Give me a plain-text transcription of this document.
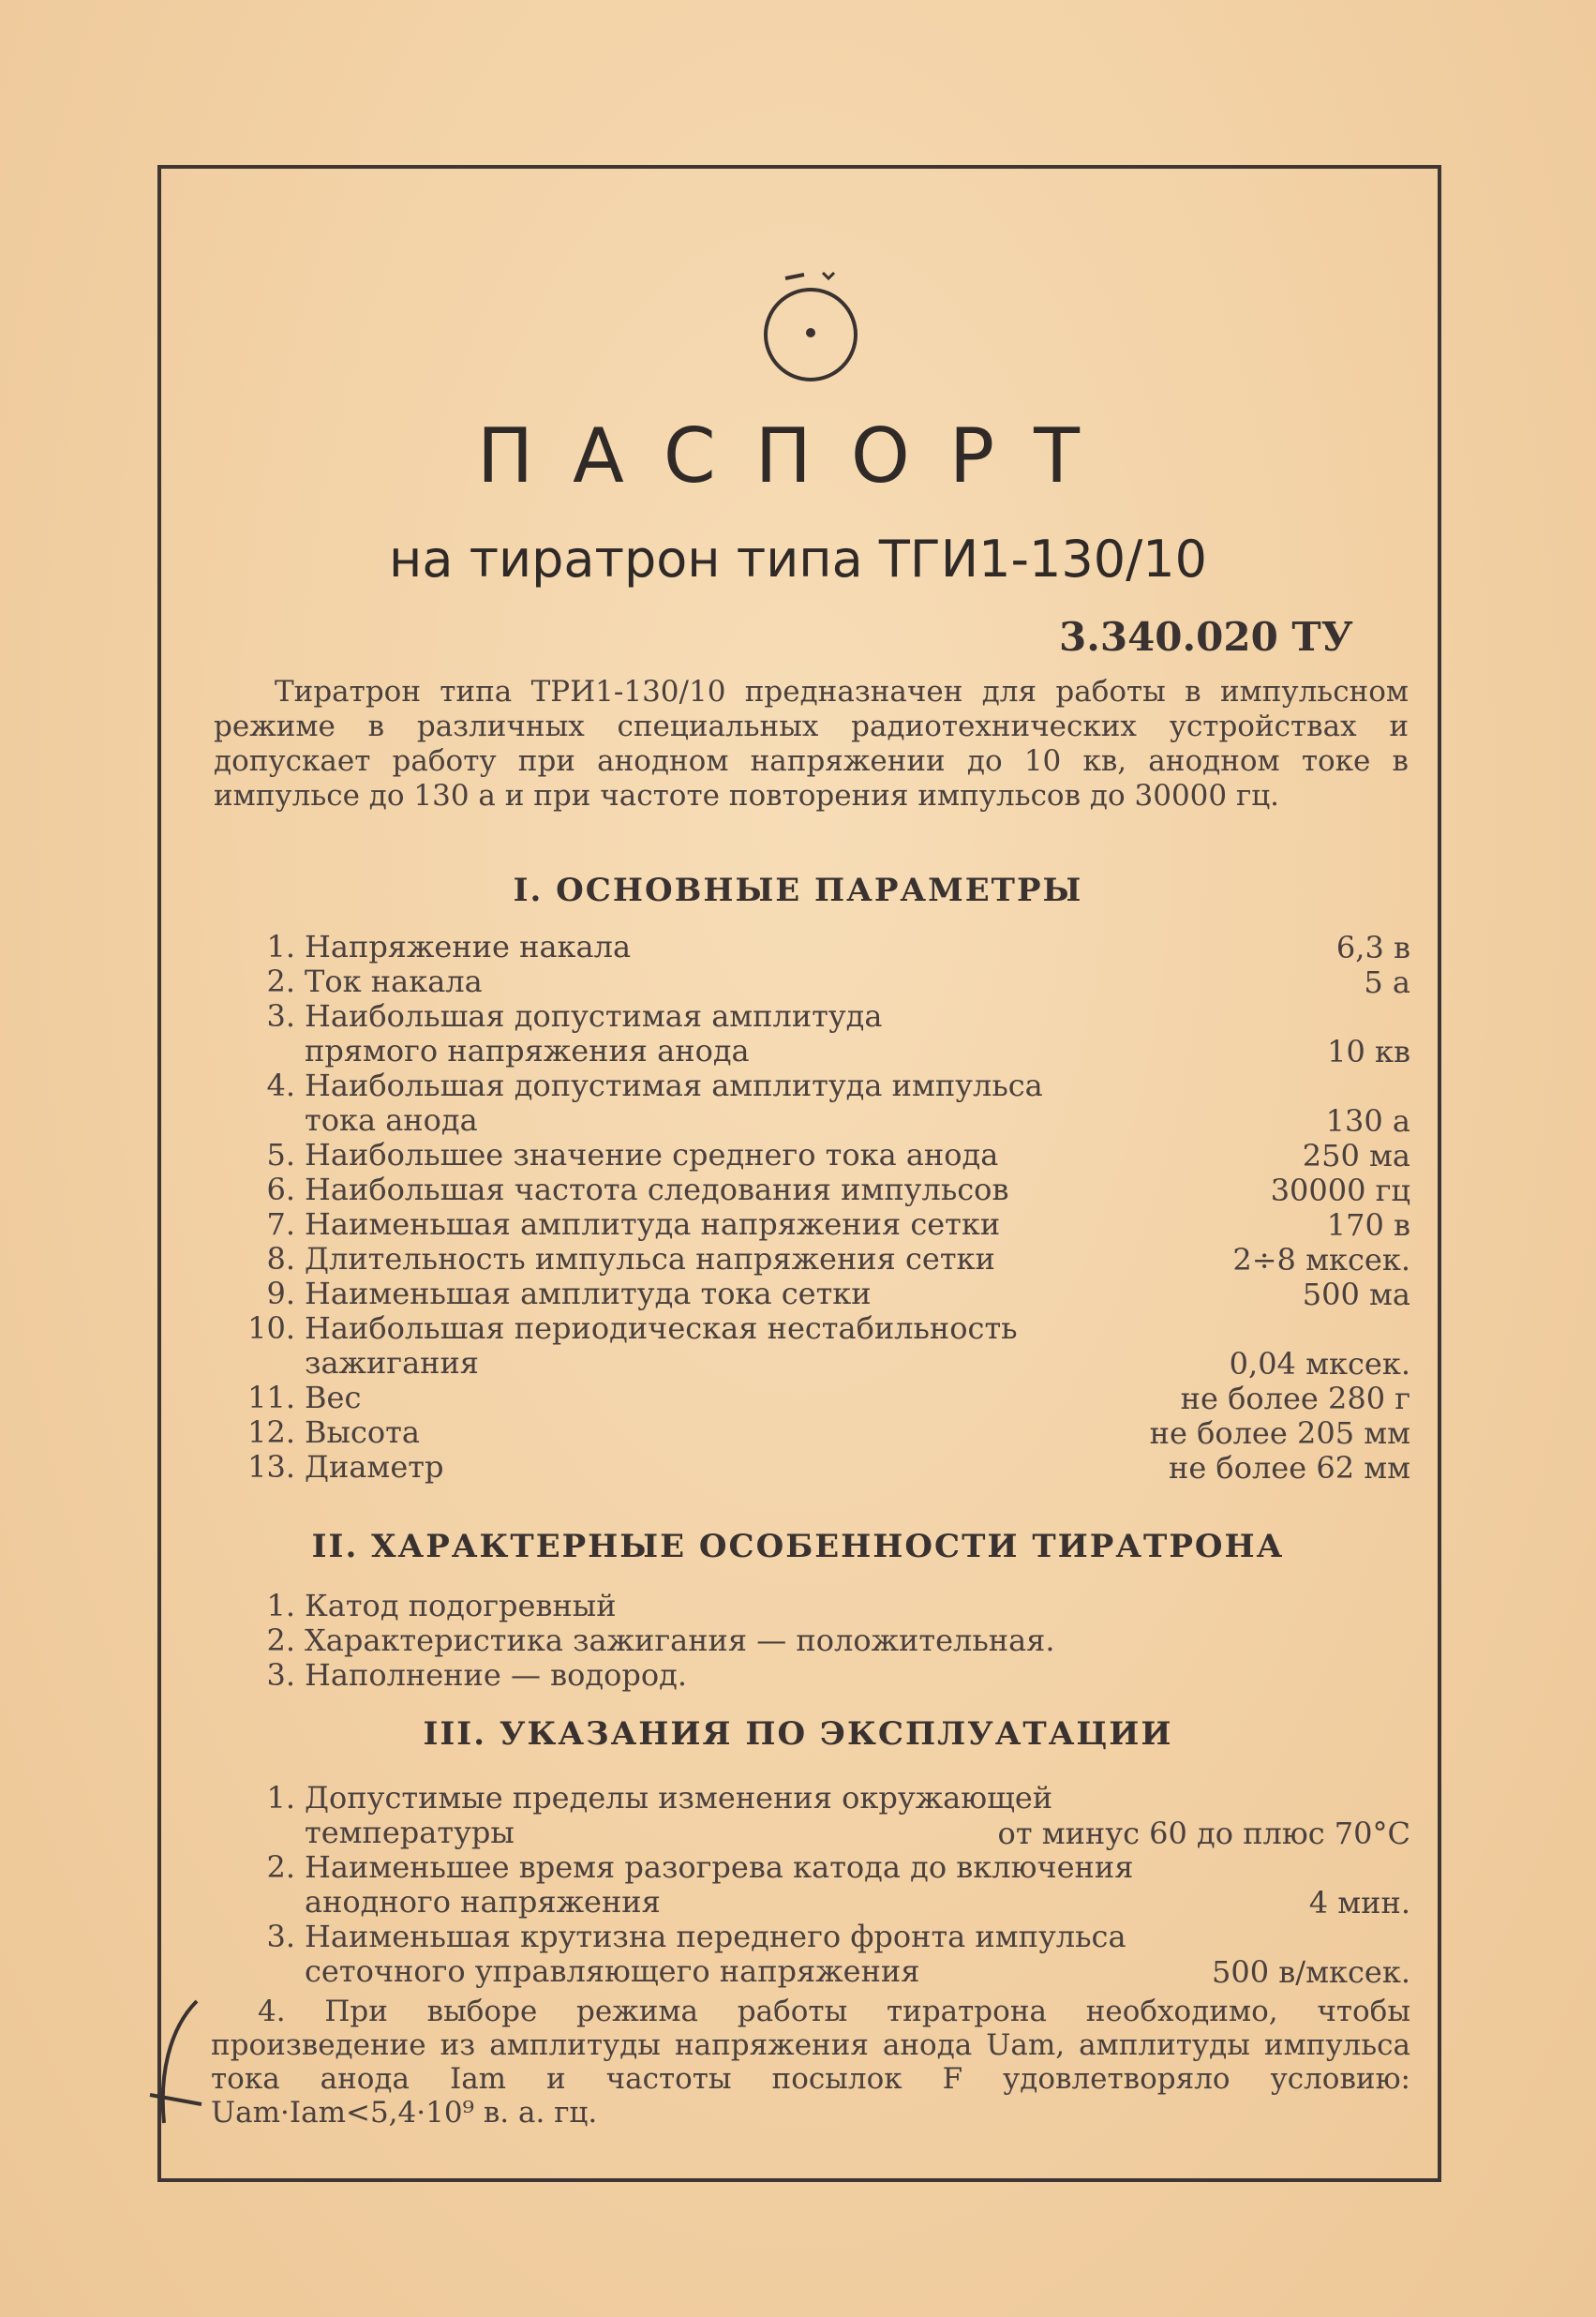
ПАСПОРТ
на тиратрон типа ТГИ1-130/10
3.340.020 ТУ
Тиратрон типа ТРИ1-130/10 предназначен для работы в импульсном режиме в различных специальных радиотехнических устройствах и допускает работу при анодном напряжении до 10 кв, анодном токе в импульсе до 130 а и при частоте повторения импульсов до 30000 гц.
I. ОСНОВНЫЕ ПАРАМЕТРЫ
1. Напряжение накала	6,3 в
2. Ток накала	5 а
3. Наибольшая допустимая амплитуда
прямого напряжения анода	10 кв
4. Наибольшая допустимая амплитуда импульса
тока анода	130 а
5. Наибольшее значение среднего тока анода	250 ма
6. Наибольшая частота следования импульсов	30000 гц
7. Наименьшая амплитуда напряжения сетки	170 в
8. Длительность импульса напряжения сетки	2÷8 мксек.
9. Наименьшая амплитуда тока сетки	500 ма
10. Наибольшая периодическая нестабильность
зажигания	0,04 мксек.
11. Вес	не более 280 г
12. Высота	не более 205 мм
13. Диаметр	не более 62 мм
II. ХАРАКТЕРНЫЕ ОСОБЕННОСТИ ТИРАТРОНА
1. Катод подогревный
2. Характеристика зажигания — положительная.
3. Наполнение — водород.
III. УКАЗАНИЯ ПО ЭКСПЛУАТАЦИИ
1. Допустимые пределы изменения окружающей
температуры	от минус 60 до плюс 70°С
2. Наименьшее время разогрева катода до включения
анодного напряжения	4 мин.
3. Наименьшая крутизна переднего фронта импульса
сеточного управляющего напряжения	500 в/мксек.
4. При выборе режима работы тиратрона необходимо, чтобы произведение из амплитуды напряжения анода Uam, амплитуды импульса тока анода Iam и частоты посылок F удовлетворяло условию: Uam·Iam<5,4·10⁹ в. а. гц.
